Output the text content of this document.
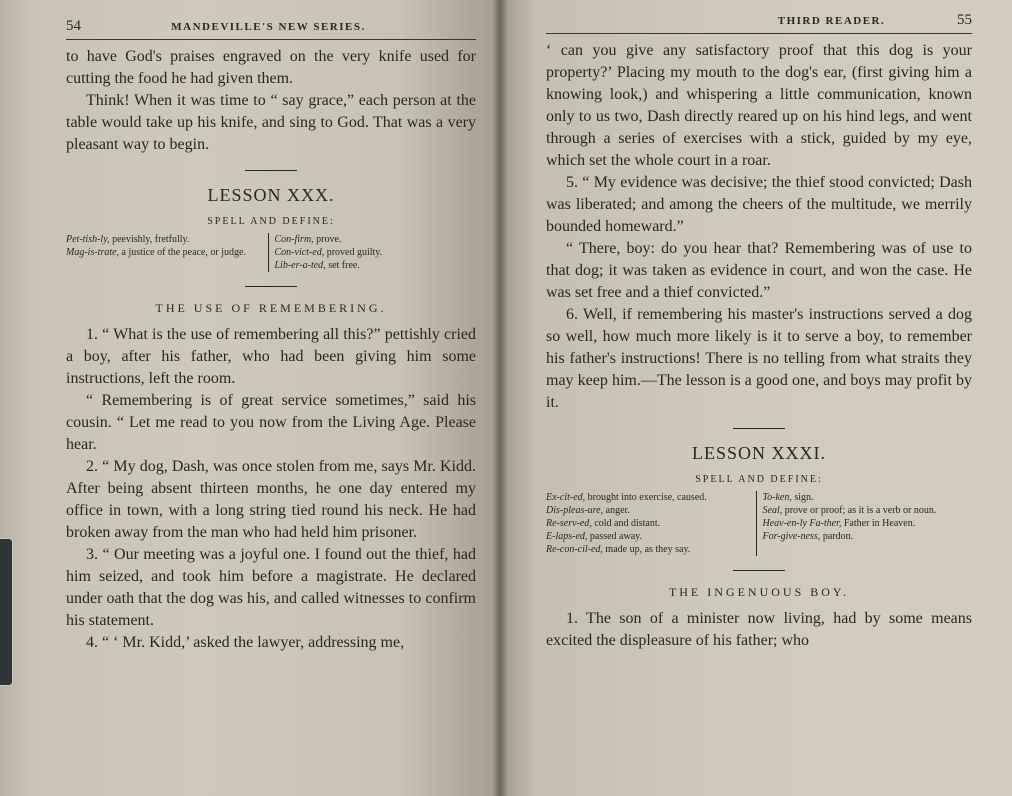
54	MANDEVILLE'S NEW SERIES.

to have God's praises engraved on the very knife used for cutting the food he had given them.

Think! When it was time to “ say grace,” each person at the table would take up his knife, and sing to God. That was a very pleasant way to begin.

LESSON XXX.
SPELL AND DEFINE:

Pet-tish-ly, peevishly, fretfully.

Mag-is-trate, a justice of the peace, or judge.

Con-firm, prove.

Con-vict-ed, proved guilty.

Lib-er-a-ted, set free.

THE USE OF REMEMBERING.

1. “ What is the use of remembering all this?” pettishly cried a boy, after his father, who had been giving him some instructions, left the room.

“ Remembering is of great service sometimes,” said his cousin. “ Let me read to you now from the Living Age. Please hear.

2. “ My dog, Dash, was once stolen from me, says Mr. Kidd. After being absent thirteen months, he one day entered my office in town, with a long string tied round his neck. He had broken away from the man who had held him prisoner.

3. “ Our meeting was a joyful one. I found out the thief, had him seized, and took him before a magistrate. He declared under oath that the dog was his, and called witnesses to confirm his statement.

4. “ ‘ Mr. Kidd,’ asked the lawyer, addressing me,

THIRD READER.	55

‘ can you give any satisfactory proof that this dog is your property?’ Placing my mouth to the dog's ear, (first giving him a knowing look,) and whispering a little communication, known only to us two, Dash directly reared up on his hind legs, and went through a series of exercises with a stick, guided by my eye, which set the whole court in a roar.

5. “ My evidence was decisive; the thief stood convicted; Dash was liberated; and among the cheers of the multitude, we merrily bounded homeward.”

“ There, boy: do you hear that? Remembering was of use to that dog; it was taken as evidence in court, and won the case. He was set free and a thief convicted.”

6. Well, if remembering his master's instructions served a dog so well, how much more likely is it to serve a boy, to remember his father's instructions! There is no telling from what straits they may keep him.—The lesson is a good one, and boys may profit by it.

LESSON XXXI.
SPELL AND DEFINE:

Ex-cit-ed, brought into exercise, caused.

Dis-pleas-ure, anger.

Re-serv-ed, cold and distant.

E-laps-ed, passed away.

Re-con-cil-ed, made up, as they say.

To-ken, sign.

Seal, prove or proof; as it is a verb or noun.

Heav-en-ly Fa-ther, Father in Heaven.

For-give-ness, pardon.

THE INGENUOUS BOY.

1. The son of a minister now living, had by some means excited the displeasure of his father; who
